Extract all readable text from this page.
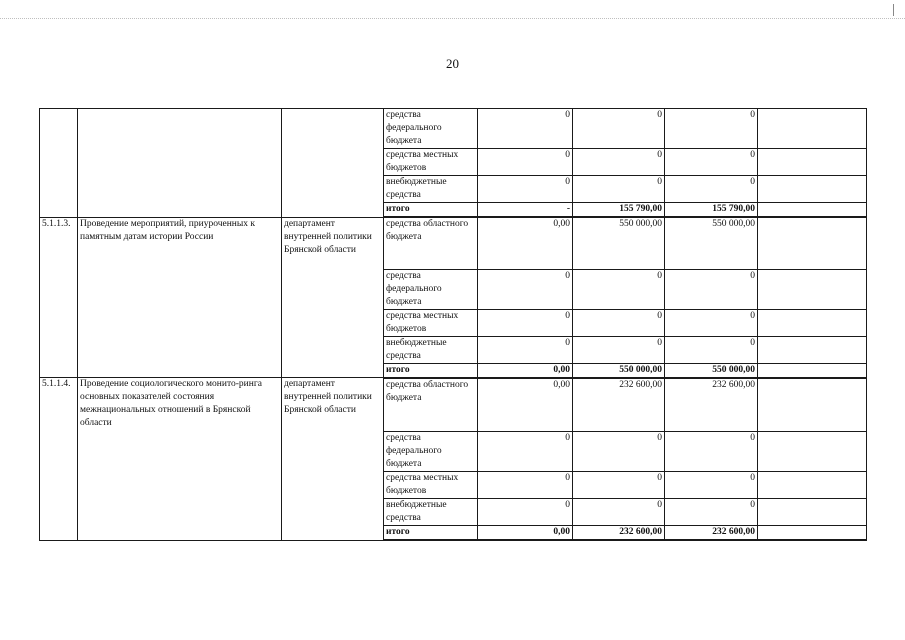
20
			средства федерального бюджета	0	0	0	
			средства местных бюджетов	0	0	0	
			внебюджетные средства	0	0	0	
			итого	-	155 790,00	155 790,00	
5.1.1.3.	Проведение мероприятий, приуроченных к памятным датам истории России	департамент внутренней политики Брянской области	средства областного бюджета	0,00	550 000,00	550 000,00	
			средства федерального бюджета	0	0	0	
			средства местных бюджетов	0	0	0	
			внебюджетные средства	0	0	0	
			итого	0,00	550 000,00	550 000,00	
5.1.1.4.	Проведение социологического монито-ринга основных показателей состояния межнациональных отношений в Брянской области	департамент внутренней политики Брянской области	средства областного бюджета	0,00	232 600,00	232 600,00	
			средства федерального бюджета	0	0	0	
			средства местных бюджетов	0	0	0	
			внебюджетные средства	0	0	0	
			итого	0,00	232 600,00	232 600,00	
